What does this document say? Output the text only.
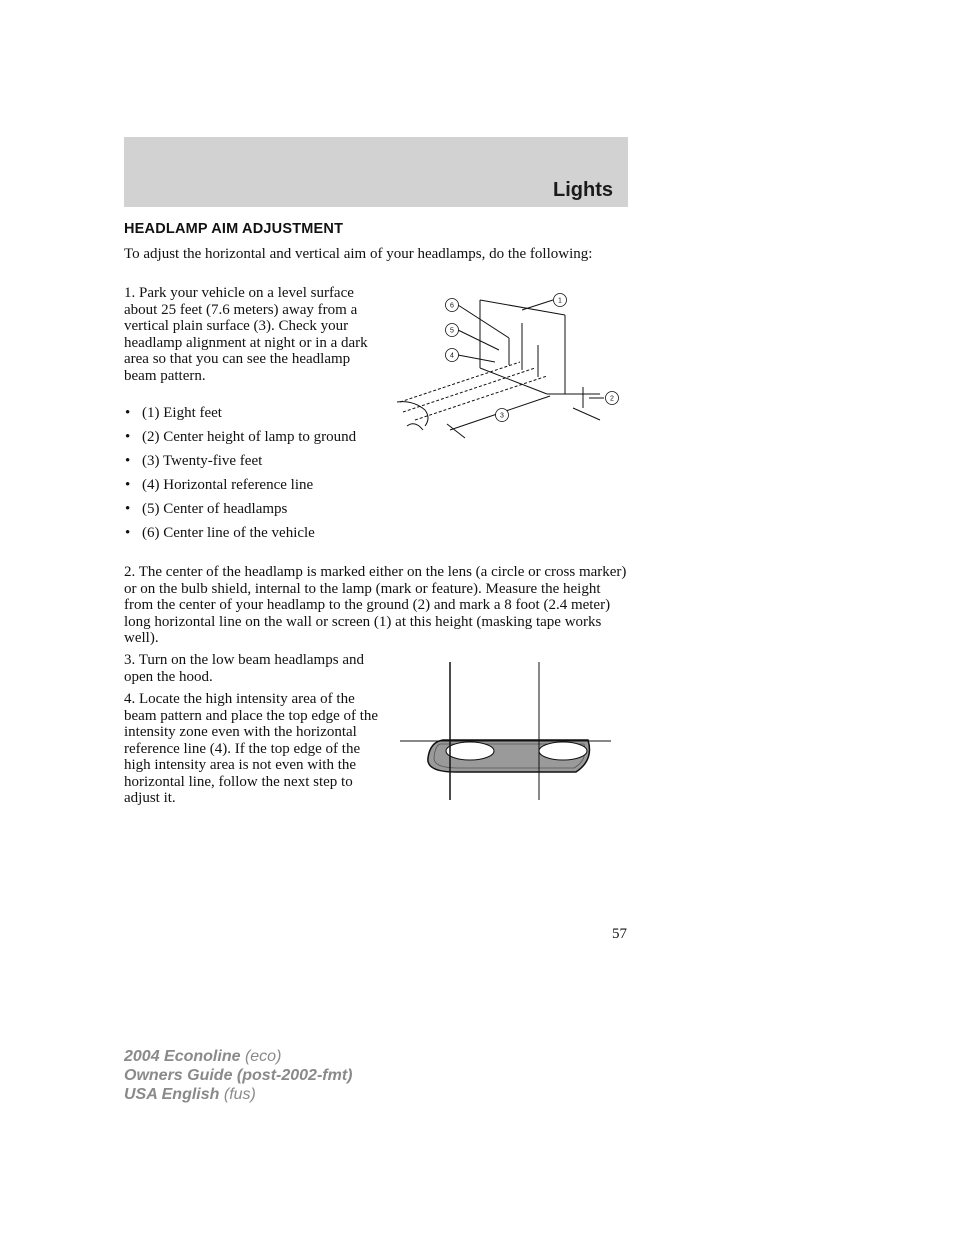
Lights
HEADLAMP AIM ADJUSTMENT

To adjust the horizontal and vertical aim of your headlamps, do the following:

1. Park your vehicle on a level surface about 25 feet (7.6 meters) away from a vertical plain surface (3). Check your headlamp alignment at night or in a dark area so that you can see the headlamp beam pattern.

• (1) Eight feet
• (2) Center height of lamp to ground
• (3) Twenty-five feet
• (4) Horizontal reference line
• (5) Center of headlamps
• (6) Center line of the vehicle
6
5
4
1
2
3

2. The center of the headlamp is marked either on the lens (a circle or cross marker) or on the bulb shield, internal to the lamp (mark or feature). Measure the height from the center of your headlamp to the ground (2) and mark a 8 foot (2.4 meter) long horizontal line on the wall or screen (1) at this height (masking tape works well).

3. Turn on the low beam headlamps and open the hood.

4. Locate the high intensity area of the beam pattern and place the top edge of the intensity zone even with the horizontal reference line (4). If the top edge of the high intensity area is not even with the horizontal line, follow the next step to adjust it.

57
2004 Econoline (eco)
Owners Guide (post-2002-fmt)
USA English (fus)
